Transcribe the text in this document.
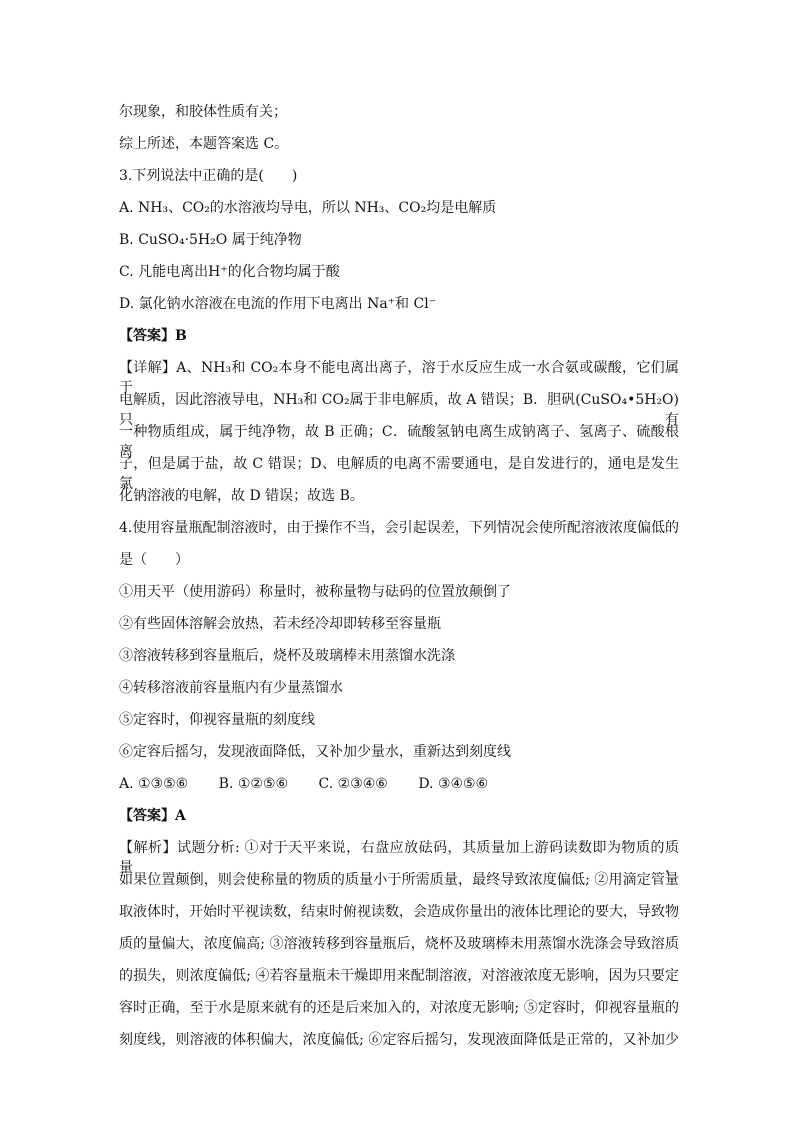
尔现象，和胶体性质有关；
综上所述，本题答案选 C。
3.下列说法中正确的是(　　)
A. NH₃、CO₂的水溶液均导电，所以 NH₃、CO₂均是电解质
B. CuSO₄·5H₂O 属于纯净物
C. 凡能电离出H⁺的化合物均属于酸
D. 氯化钠水溶液在电流的作用下电离出 Na⁺和 Cl⁻
【答案】B
【详解】A、NH₃和 CO₂本身不能电离出离子，溶于水反应生成一水合氨或碳酸，它们属于
电解质，因此溶液导电，NH₃和 CO₂属于非电解质，故 A 错误；B．胆矾(CuSO₄•5H₂O)只有
一种物质组成，属于纯净物，故 B 正确；C．硫酸氢钠电离生成钠离子、氢离子、硫酸根离
子，但是属于盐，故 C 错误；D、电解质的电离不需要通电，是自发进行的，通电是发生氯
化钠溶液的电解，故 D 错误；故选 B。
4.使用容量瓶配制溶液时，由于操作不当，会引起误差，下列情况会使所配溶液浓度偏低的
是（　　）
①用天平（使用游码）称量时，被称量物与砝码的位置放颠倒了
②有些固体溶解会放热，若未经冷却即转移至容量瓶
③溶液转移到容量瓶后，烧杯及玻璃棒未用蒸馏水洗涤
④转移溶液前容量瓶内有少量蒸馏水
⑤定容时，仰视容量瓶的刻度线
⑥定容后摇匀，发现液面降低，又补加少量水，重新达到刻度线
A. ①③⑤⑥ B. ①②⑤⑥ C. ②③④⑥ D. ③④⑤⑥
【答案】A
【解析】试题分析: ①对于天平来说，右盘应放砝码，其质量加上游码读数即为物质的质量，
如果位置颠倒，则会使称量的物质的质量小于所需质量，最终导致浓度偏低; ②用滴定管量
取液体时，开始时平视读数，结束时俯视读数，会造成你量出的液体比理论的要大，导致物
质的量偏大，浓度偏高; ③溶液转移到容量瓶后，烧杯及玻璃棒未用蒸馏水洗涤会导致溶质
的损失，则浓度偏低; ④若容量瓶未干燥即用来配制溶液，对溶液浓度无影响，因为只要定
容时正确，至于水是原来就有的还是后来加入的，对浓度无影响; ⑤定容时，仰视容量瓶的
刻度线，则溶液的体积偏大，浓度偏低; ⑥定容后摇匀，发现液面降低是正常的，又补加少
